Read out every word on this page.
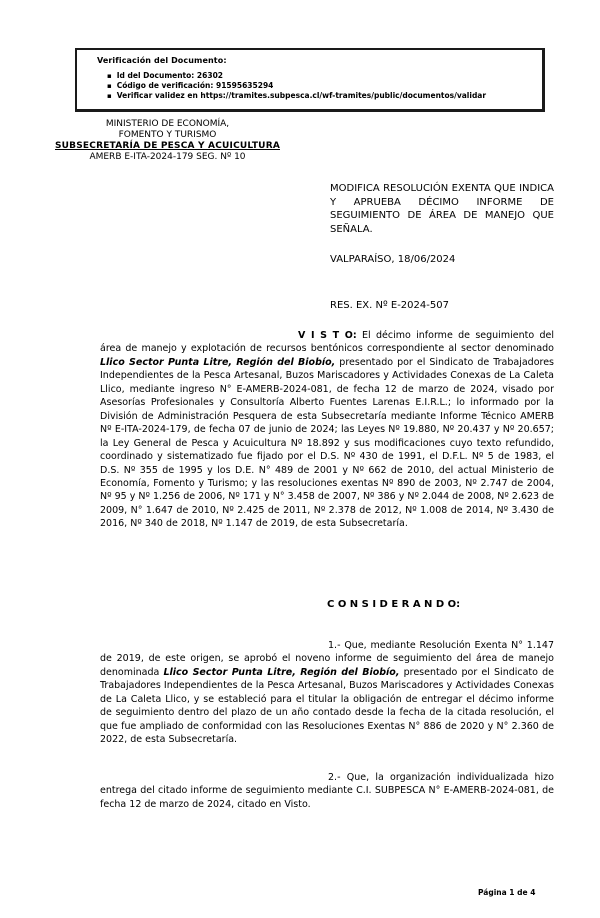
Verificación del Documento:
▪ Id del Documento: 26302
▪ Código de verificación: 91595635294
▪ Verificar validez en https://tramites.subpesca.cl/wf-tramites/public/documentos/validar
MINISTERIO DE ECONOMÍA,
FOMENTO Y TURISMO
SUBSECRETARÍA DE PESCA Y ACUICULTURA
AMERB E-ITA-2024-179 SEG. Nº 10
MODIFICA RESOLUCIÓN EXENTA QUE INDICA Y APRUEBA DÉCIMO INFORME DE SEGUIMIENTO DE ÁREA DE MANEJO QUE SEÑALA.
VALPARAÍSO, 18/06/2024
RES. EX. Nº E-2024-507
V I S T O: El décimo informe de seguimiento del área de manejo y explotación de recursos bentónicos correspondiente al sector denominado Llico Sector Punta Litre, Región del Biobío, presentado por el Sindicato de Trabajadores Independientes de la Pesca Artesanal, Buzos Mariscadores y Actividades Conexas de La Caleta Llico, mediante ingreso N° E-AMERB-2024-081, de fecha 12 de marzo de 2024, visado por Asesorías Profesionales y Consultoría Alberto Fuentes Larenas E.I.R.L.; lo informado por la División de Administración Pesquera de esta Subsecretaría mediante Informe Técnico AMERB Nº E-ITA-2024-179, de fecha 07 de junio de 2024; las Leyes Nº 19.880, Nº 20.437 y Nº 20.657; la Ley General de Pesca y Acuicultura Nº 18.892 y sus modificaciones cuyo texto refundido, coordinado y sistematizado fue fijado por el D.S. Nº 430 de 1991, el D.F.L. Nº 5 de 1983, el D.S. Nº 355 de 1995 y los D.E. N° 489 de 2001 y Nº 662 de 2010, del actual Ministerio de Economía, Fomento y Turismo; y las resoluciones exentas Nº 890 de 2003, Nº 2.747 de 2004, Nº 95 y Nº 1.256 de 2006, Nº 171 y N° 3.458 de 2007, Nº 386 y Nº 2.044 de 2008, Nº 2.623 de 2009, N° 1.647 de 2010, Nº 2.425 de 2011, Nº 2.378 de 2012, Nº 1.008 de 2014, Nº 3.430 de 2016, Nº 340 de 2018, Nº 1.147 de 2019, de esta Subsecretaría.
C O N S I D E R A N D O:
1.- Que, mediante Resolución Exenta N° 1.147 de 2019, de este origen, se aprobó el noveno informe de seguimiento del área de manejo denominada Llico Sector Punta Litre, Región del Biobío, presentado por el Sindicato de Trabajadores Independientes de la Pesca Artesanal, Buzos Mariscadores y Actividades Conexas de La Caleta Llico, y se estableció para el titular la obligación de entregar el décimo informe de seguimiento dentro del plazo de un año contado desde la fecha de la citada resolución, el que fue ampliado de conformidad con las Resoluciones Exentas N° 886 de 2020 y N° 2.360 de 2022, de esta Subsecretaría.
2.- Que, la organización individualizada hizo entrega del citado informe de seguimiento mediante C.I. SUBPESCA N° E-AMERB-2024-081, de fecha 12 de marzo de 2024, citado en Visto.
Página 1 de 4
